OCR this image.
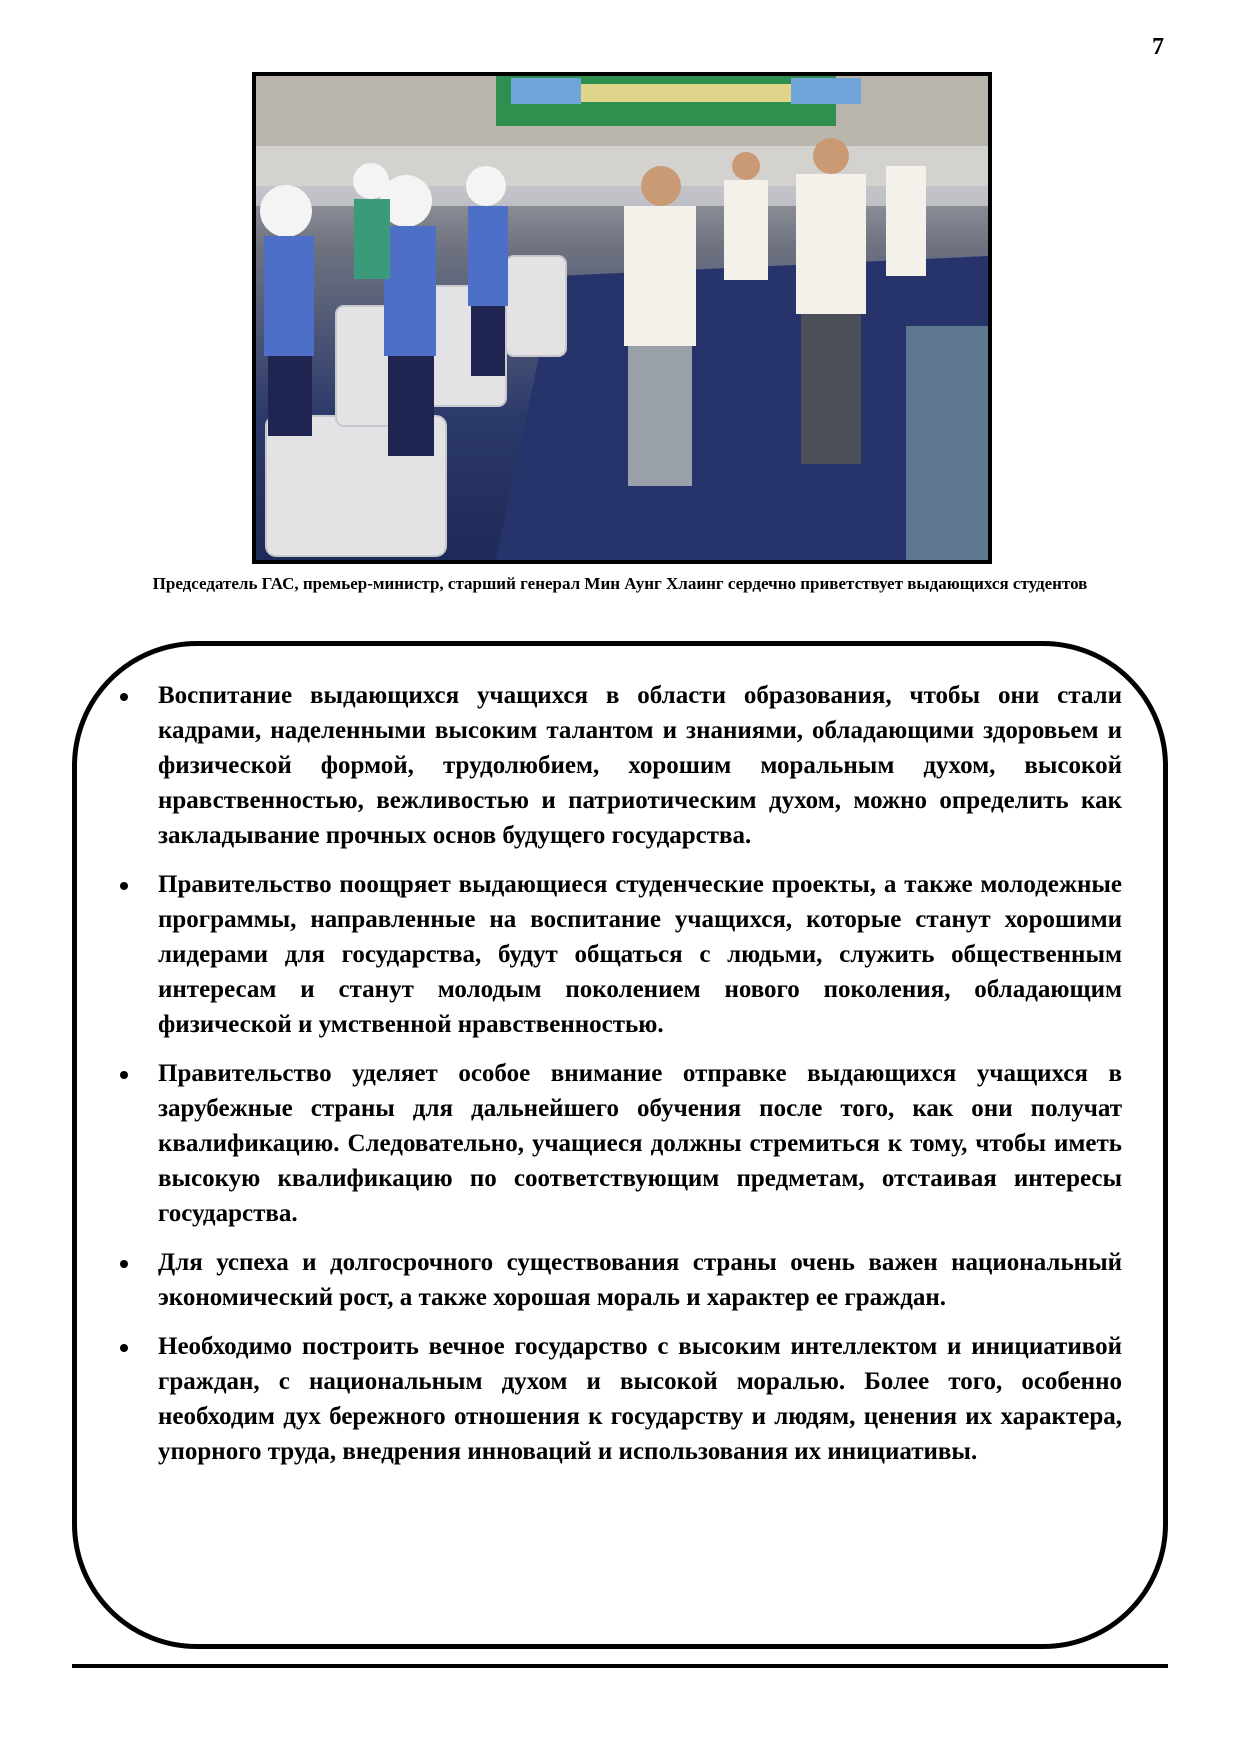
7
Председатель ГАС, премьер-министр, старший генерал Мин Аунг Хлаинг сердечно приветствует выдающихся студентов
Воспитание выдающихся учащихся в области образования, чтобы они стали кадрами, наделенными высоким талантом и знаниями, обладающими здоровьем и физической формой, трудолюбием, хорошим моральным духом, высокой нравственностью, вежливостью и патриотическим духом, можно определить как закладывание прочных основ будущего государства.
Правительство поощряет выдающиеся студенческие проекты, а также молодежные программы, направленные на воспитание учащихся, которые станут хорошими лидерами для государства, будут общаться с людьми, служить общественным интересам и станут молодым поколением нового поколения, обладающим физической и умственной нравственностью.
Правительство уделяет особое внимание отправке выдающихся учащихся в зарубежные страны для дальнейшего обучения после того, как они получат квалификацию. Следовательно, учащиеся должны стремиться к тому, чтобы иметь высокую квалификацию по соответствующим предметам, отстаивая интересы государства.
Для успеха и долгосрочного существования страны очень важен национальный экономический рост, а также хорошая мораль и характер ее граждан.
Необходимо построить вечное государство с высоким интеллектом и инициативой граждан, с национальным духом и высокой моралью. Более того, особенно необходим дух бережного отношения к государству и людям, ценения их характера, упорного труда, внедрения инноваций и использования их инициативы.
